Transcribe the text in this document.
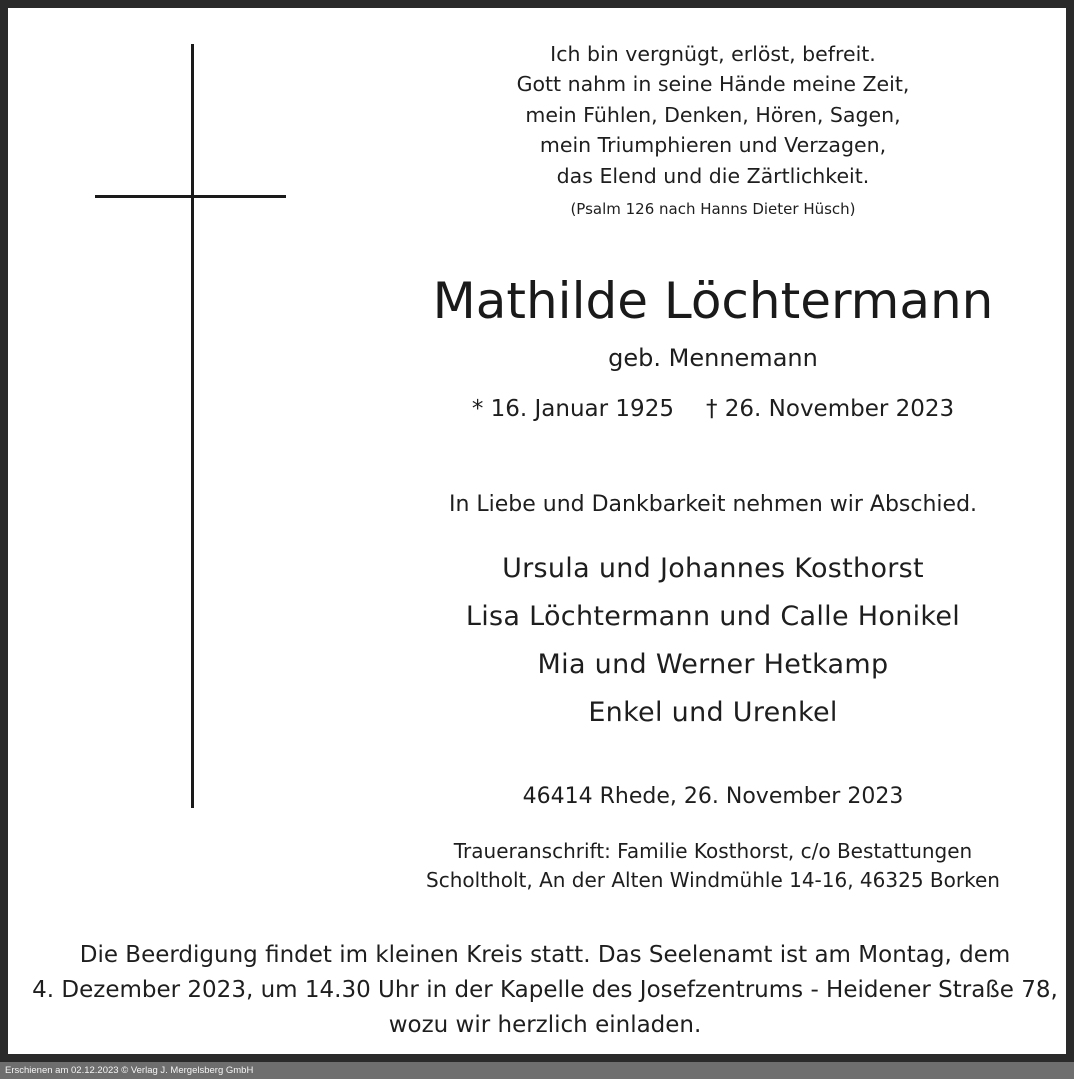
Ich bin vergnügt, erlöst, befreit.
Gott nahm in seine Hände meine Zeit,
mein Fühlen, Denken, Hören, Sagen,
mein Triumphieren und Verzagen,
das Elend und die Zärtlichkeit.
(Psalm 126 nach Hanns Dieter Hüsch)
Mathilde Löchtermann
geb. Mennemann
* 16. Januar 1925 † 26. November 2023
In Liebe und Dankbarkeit nehmen wir Abschied.
Ursula und Johannes Kosthorst
Lisa Löchtermann und Calle Honikel
Mia und Werner Hetkamp
Enkel und Urenkel
46414 Rhede, 26. November 2023
Traueranschrift: Familie Kosthorst, c/o Bestattungen
Scholtholt, An der Alten Windmühle 14-16, 46325 Borken
Die Beerdigung findet im kleinen Kreis statt. Das Seelenamt ist am Montag, dem
4. Dezember 2023, um 14.30 Uhr in der Kapelle des Josefzentrums - Heidener Straße 78,
wozu wir herzlich einladen.
Erschienen am 02.12.2023 © Verlag J. Mergelsberg GmbH
